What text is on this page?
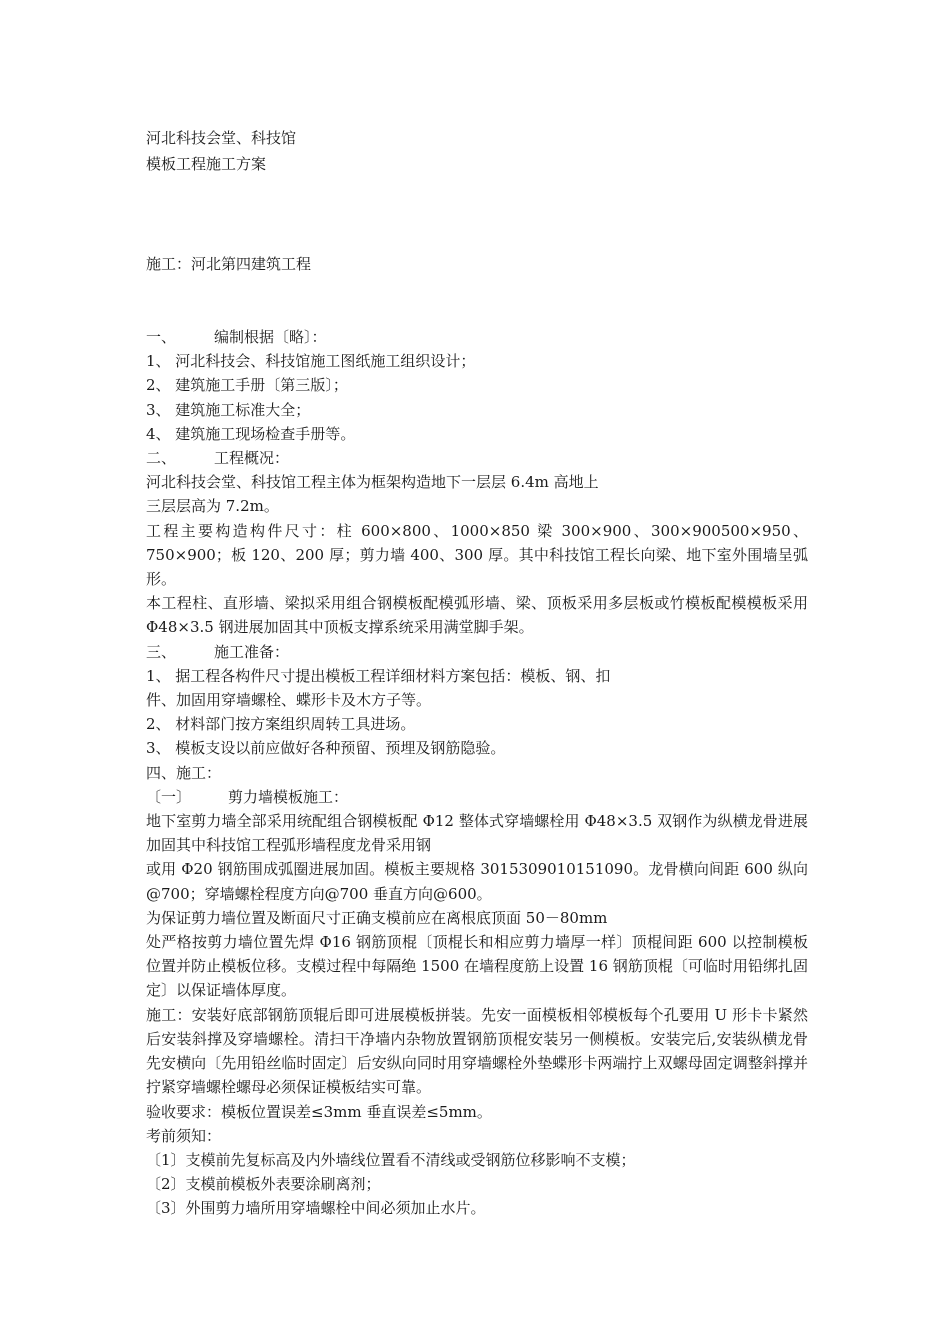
河北科技会堂、科技馆
模板工程施工方案
施工：河北第四建筑工程
一、	编制根据〔略〕：
1、 河北科技会、科技馆施工图纸施工组织设计；
2、 建筑施工手册〔第三版〕；
3、 建筑施工标准大全；
4、 建筑施工现场检查手册等。
二、	工程概况：
河北科技会堂、科技馆工程主体为框架构造地下一层层 6.4m 高地上
三层层高为 7.2m。
工程主要构造构件尺寸：柱 600×800、1000×850 梁 300×900、300×900500×950、750×900；板 120、200 厚；剪力墙 400、300 厚。其中科技馆工程长向梁、地下室外围墙呈弧形。
本工程柱、直形墙、梁拟采用组合钢模板配模弧形墙、梁、顶板采用多层板或竹模板配模模板采用 Φ48×3.5 钢进展加固其中顶板支撑系统采用满堂脚手架。
三、	施工准备：
1、 据工程各构件尺寸提出模板工程详细材料方案包括：模板、钢、扣
件、加固用穿墙螺栓、蝶形卡及木方子等。
2、 材料部门按方案组织周转工具进场。
3、 模板支设以前应做好各种预留、预埋及钢筋隐验。
四、施工：
〔一〕	剪力墙模板施工：
地下室剪力墙全部采用统配组合钢模板配 Φ12 整体式穿墙螺栓用 Φ48×3.5 双钢作为纵横龙骨进展加固其中科技馆工程弧形墙程度龙骨采用钢
或用 Φ20 钢筋围成弧圈进展加固。模板主要规格 3015309010151090。龙骨横向间距 600 纵向@700；穿墙螺栓程度方向@700 垂直方向@600。
为保证剪力墙位置及断面尺寸正确支模前应在离根底顶面 50－80mm
处严格按剪力墙位置先焊 Φ16 钢筋顶棍〔顶棍长和相应剪力墙厚一样〕顶棍间距 600 以控制模板位置并防止模板位移。支模过程中每隔绝 1500 在墙程度筋上设置 16 钢筋顶棍〔可临时用铅绑扎固定〕以保证墙体厚度。
施工：安装好底部钢筋顶辊后即可进展模板拼装。先安一面模板相邻模板每个孔要用 U 形卡卡紧然后安装斜撑及穿墙螺栓。清扫干净墙内杂物放置钢筋顶棍安装另一侧模板。安装完后,安装纵横龙骨先安横向〔先用铅丝临时固定〕后安纵向同时用穿墙螺栓外垫蝶形卡两端拧上双螺母固定调整斜撑并拧紧穿墙螺栓螺母必须保证模板结实可靠。
验收要求：模板位置误差≤3mm 垂直误差≤5mm。
考前须知：
〔1〕支模前先复标高及内外墙线位置看不清线或受钢筋位移影响不支模；
〔2〕支模前模板外表要涂刷离剂；
〔3〕外围剪力墙所用穿墙螺栓中间必须加止水片。
